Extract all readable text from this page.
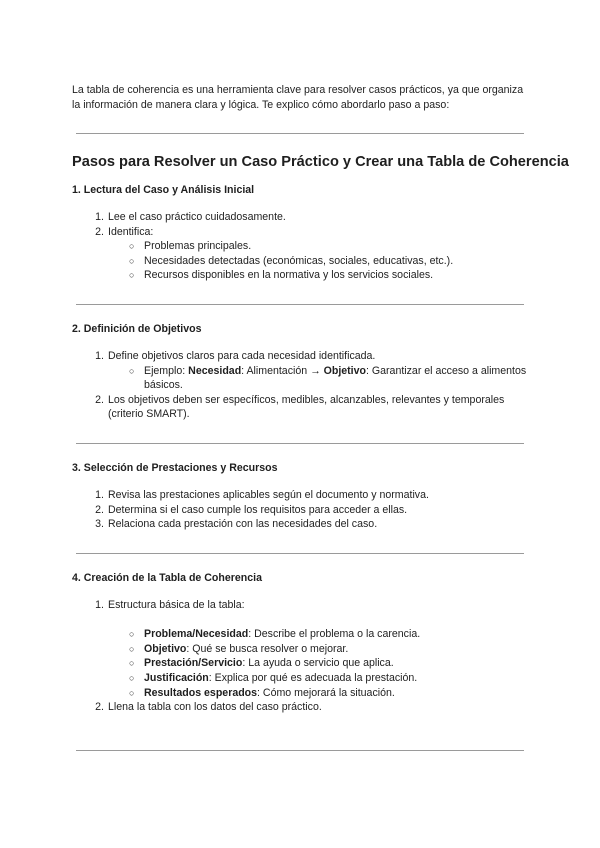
La tabla de coherencia es una herramienta clave para resolver casos prácticos, ya que organiza la información de manera clara y lógica. Te explico cómo abordarlo paso a paso:
Pasos para Resolver un Caso Práctico y Crear una Tabla de Coherencia
1. Lectura del Caso y Análisis Inicial
1. Lee el caso práctico cuidadosamente.
2. Identifica:
○ Problemas principales.
○ Necesidades detectadas (económicas, sociales, educativas, etc.).
○ Recursos disponibles en la normativa y los servicios sociales.
2. Definición de Objetivos
1. Define objetivos claros para cada necesidad identificada.
○ Ejemplo: Necesidad: Alimentación → Objetivo: Garantizar el acceso a alimentos básicos.
2. Los objetivos deben ser específicos, medibles, alcanzables, relevantes y temporales (criterio SMART).
3. Selección de Prestaciones y Recursos
1. Revisa las prestaciones aplicables según el documento y normativa.
2. Determina si el caso cumple los requisitos para acceder a ellas.
3. Relaciona cada prestación con las necesidades del caso.
4. Creación de la Tabla de Coherencia
1. Estructura básica de la tabla:
○ Problema/Necesidad: Describe el problema o la carencia.
○ Objetivo: Qué se busca resolver o mejorar.
○ Prestación/Servicio: La ayuda o servicio que aplica.
○ Justificación: Explica por qué es adecuada la prestación.
○ Resultados esperados: Cómo mejorará la situación.
2. Llena la tabla con los datos del caso práctico.
